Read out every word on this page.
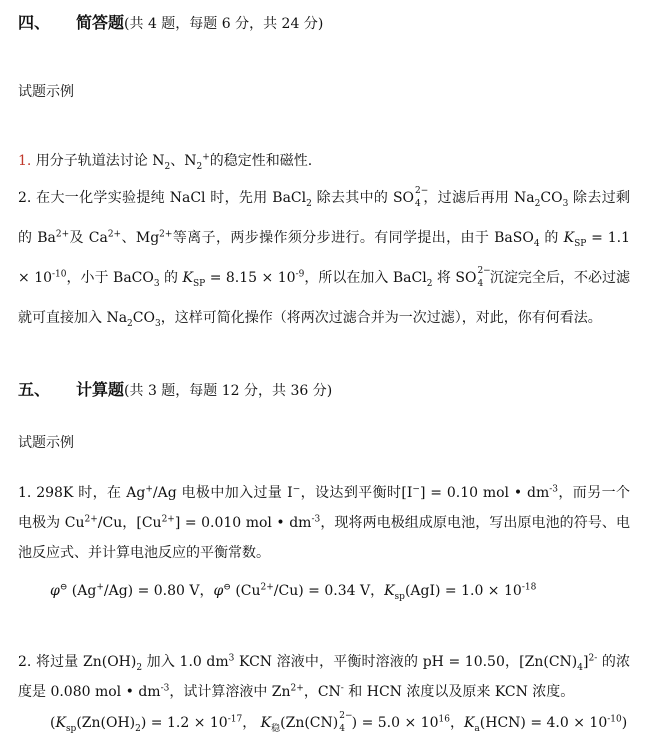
四、 简答题(共 4 题，每题 6 分，共 24 分)
试题示例
1. 用分子轨道法讨论 $N_2$、$N_2^+$的稳定性和磁性.
2. 在大一化学实验提纯 NaCl 时，先用 BaCl$_2$ 除去其中的 SO 2−
4 ，过滤后再用 $Na_2CO_3$ 除去过剩的 $Ba^{2+}$及 $Ca^{2+}$、$Mg^{2+}$等离子，两步操作须分步进行。有同学提出，由于 BaSO$_4$ 的 $K_{SP} = 1.1 \times 10^{-10}$，小于 BaCO$_3$ 的 $K_{SP} = 8.15 \times 10^{-9}$，所以在加入 BaCl$_2$ 将 SO 2−
4 沉淀完全后，不必过滤就可直接加入 $Na_2CO_3$，这样可简化操作（将两次过滤合并为一次过滤），对此，你有何看法。
五、 计算题(共 3 题，每题 12 分，共 36 分)
试题示例
1. 298K 时，在 Ag+/Ag 电极中加入过量 I−，设达到平衡时[I−] = 0.10 mol • $dm^{-3}$，而另一个电极为 $Cu^{2+}/Cu$，$[Cu^{2+}] = 0.010$ mol • $dm^{-3}$，现将两电极组成原电池，写出原电池的符号、电池反应式、并计算电池反应的平衡常数。
φ⊖ (Ag+/Ag) = 0.80 V，φ⊖ $(Cu^{2+}/Cu) = 0.34$ V，$K_{sp}(AgI) = 1.0 \times 10^{-18}$
2. 将过量 $Zn(OH)_2$ 加入 1.0 $dm^3$ KCN 溶液中，平衡时溶液的 pH = 10.50，$[Zn(CN)_4]^{2-}$ 的浓度是 0.080 mol • $dm^{-3}$，试计算溶液中 $Zn^{2+}$，CN- 和 HCN 浓度以及原来 KCN 浓度。
($K_{sp}(Zn(OH)_2) = 1.2 \times 10^{-17}$， $K_稳(Zn(CN)$ 2−
4 ) = $5.0 \times 10^{16}$，$K_a(HCN) = 4.0 \times 10^{-10}$)
